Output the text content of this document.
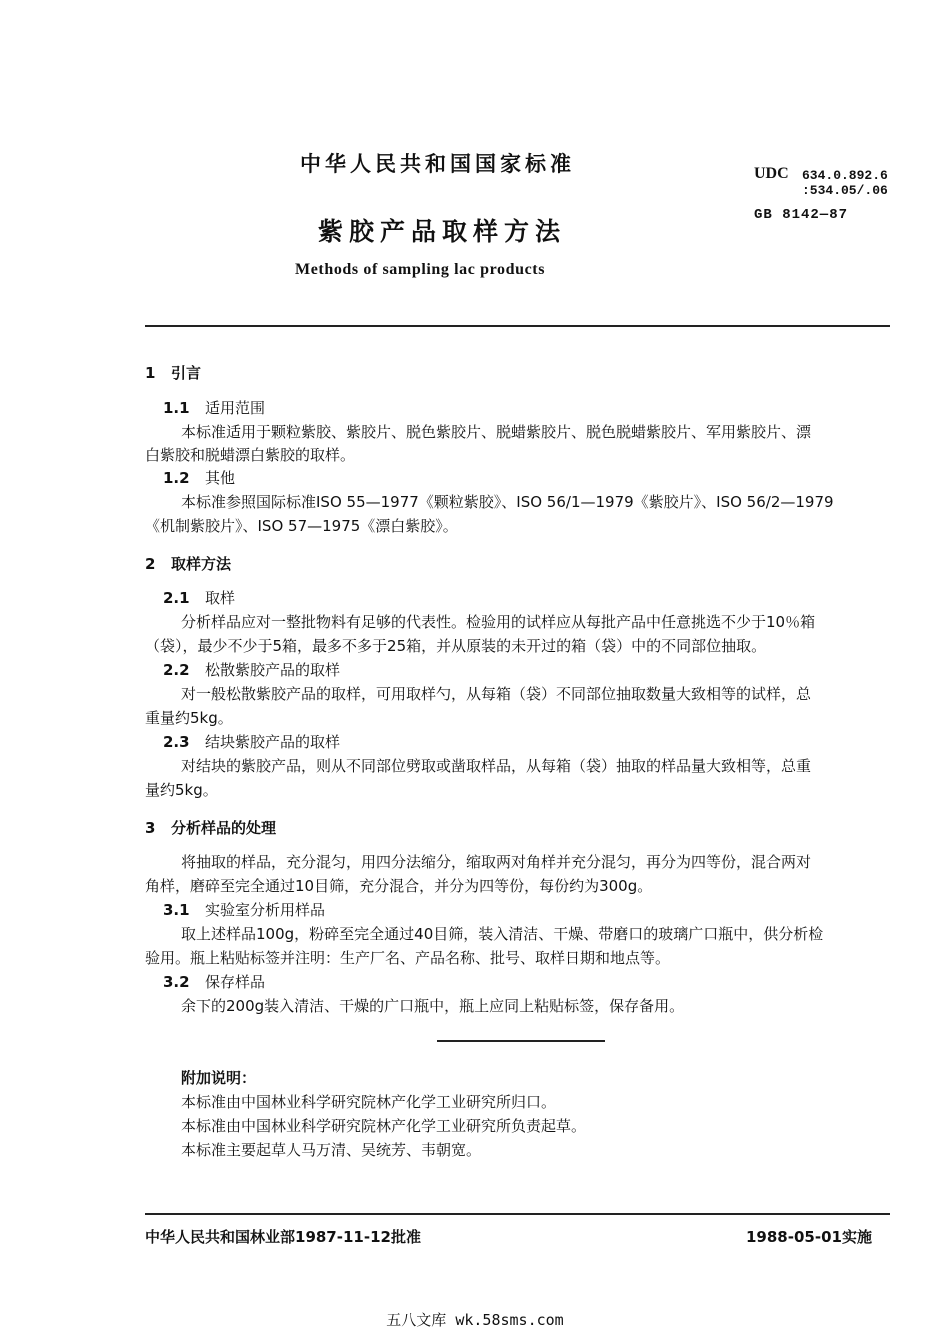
中华人民共和国国家标准	UDC 634.0.892.6
:534.05/.06
GB 8142—87
紫胶产品取样方法
Methods of sampling lac products
1 引言
1.1 适用范围
本标准适用于颗粒紫胶、紫胶片、脱色紫胶片、脱蜡紫胶片、脱色脱蜡紫胶片、军用紫胶片、漂
白紫胶和脱蜡漂白紫胶的取样。
1.2 其他
本标准参照国际标准ISO 55—1977《颗粒紫胶》、ISO 56/1—1979《紫胶片》、ISO 56/2—1979
《机制紫胶片》、ISO 57—1975《漂白紫胶》。
2 取样方法
2.1 取样
分析样品应对一整批物料有足够的代表性。检验用的试样应从每批产品中任意挑选不少于10％箱
（袋），最少不少于5箱，最多不多于25箱，并从原装的未开过的箱（袋）中的不同部位抽取。
2.2 松散紫胶产品的取样
对一般松散紫胶产品的取样，可用取样勺，从每箱（袋）不同部位抽取数量大致相等的试样，总
重量约5kg。
2.3 结块紫胶产品的取样
对结块的紫胶产品，则从不同部位劈取或凿取样品，从每箱（袋）抽取的样品量大致相等，总重
量约5kg。
3 分析样品的处理
将抽取的样品，充分混匀，用四分法缩分，缩取两对角样并充分混匀，再分为四等份，混合两对
角样，磨碎至完全通过10目筛，充分混合，并分为四等份，每份约为300g。
3.1 实验室分析用样品
取上述样品100g，粉碎至完全通过40目筛，装入清洁、干燥、带磨口的玻璃广口瓶中，供分析检
验用。瓶上粘贴标签并注明：生产厂名、产品名称、批号、取样日期和地点等。
3.2 保存样品
余下的200g装入清洁、干燥的广口瓶中，瓶上应同上粘贴标签，保存备用。
附加说明：
本标准由中国林业科学研究院林产化学工业研究所归口。
本标准由中国林业科学研究院林产化学工业研究所负责起草。
本标准主要起草人马万清、吴统芳、韦朝宽。
中华人民共和国林业部1987-11-12批准	1988-05-01实施
五八文库 wk.58sms.com
